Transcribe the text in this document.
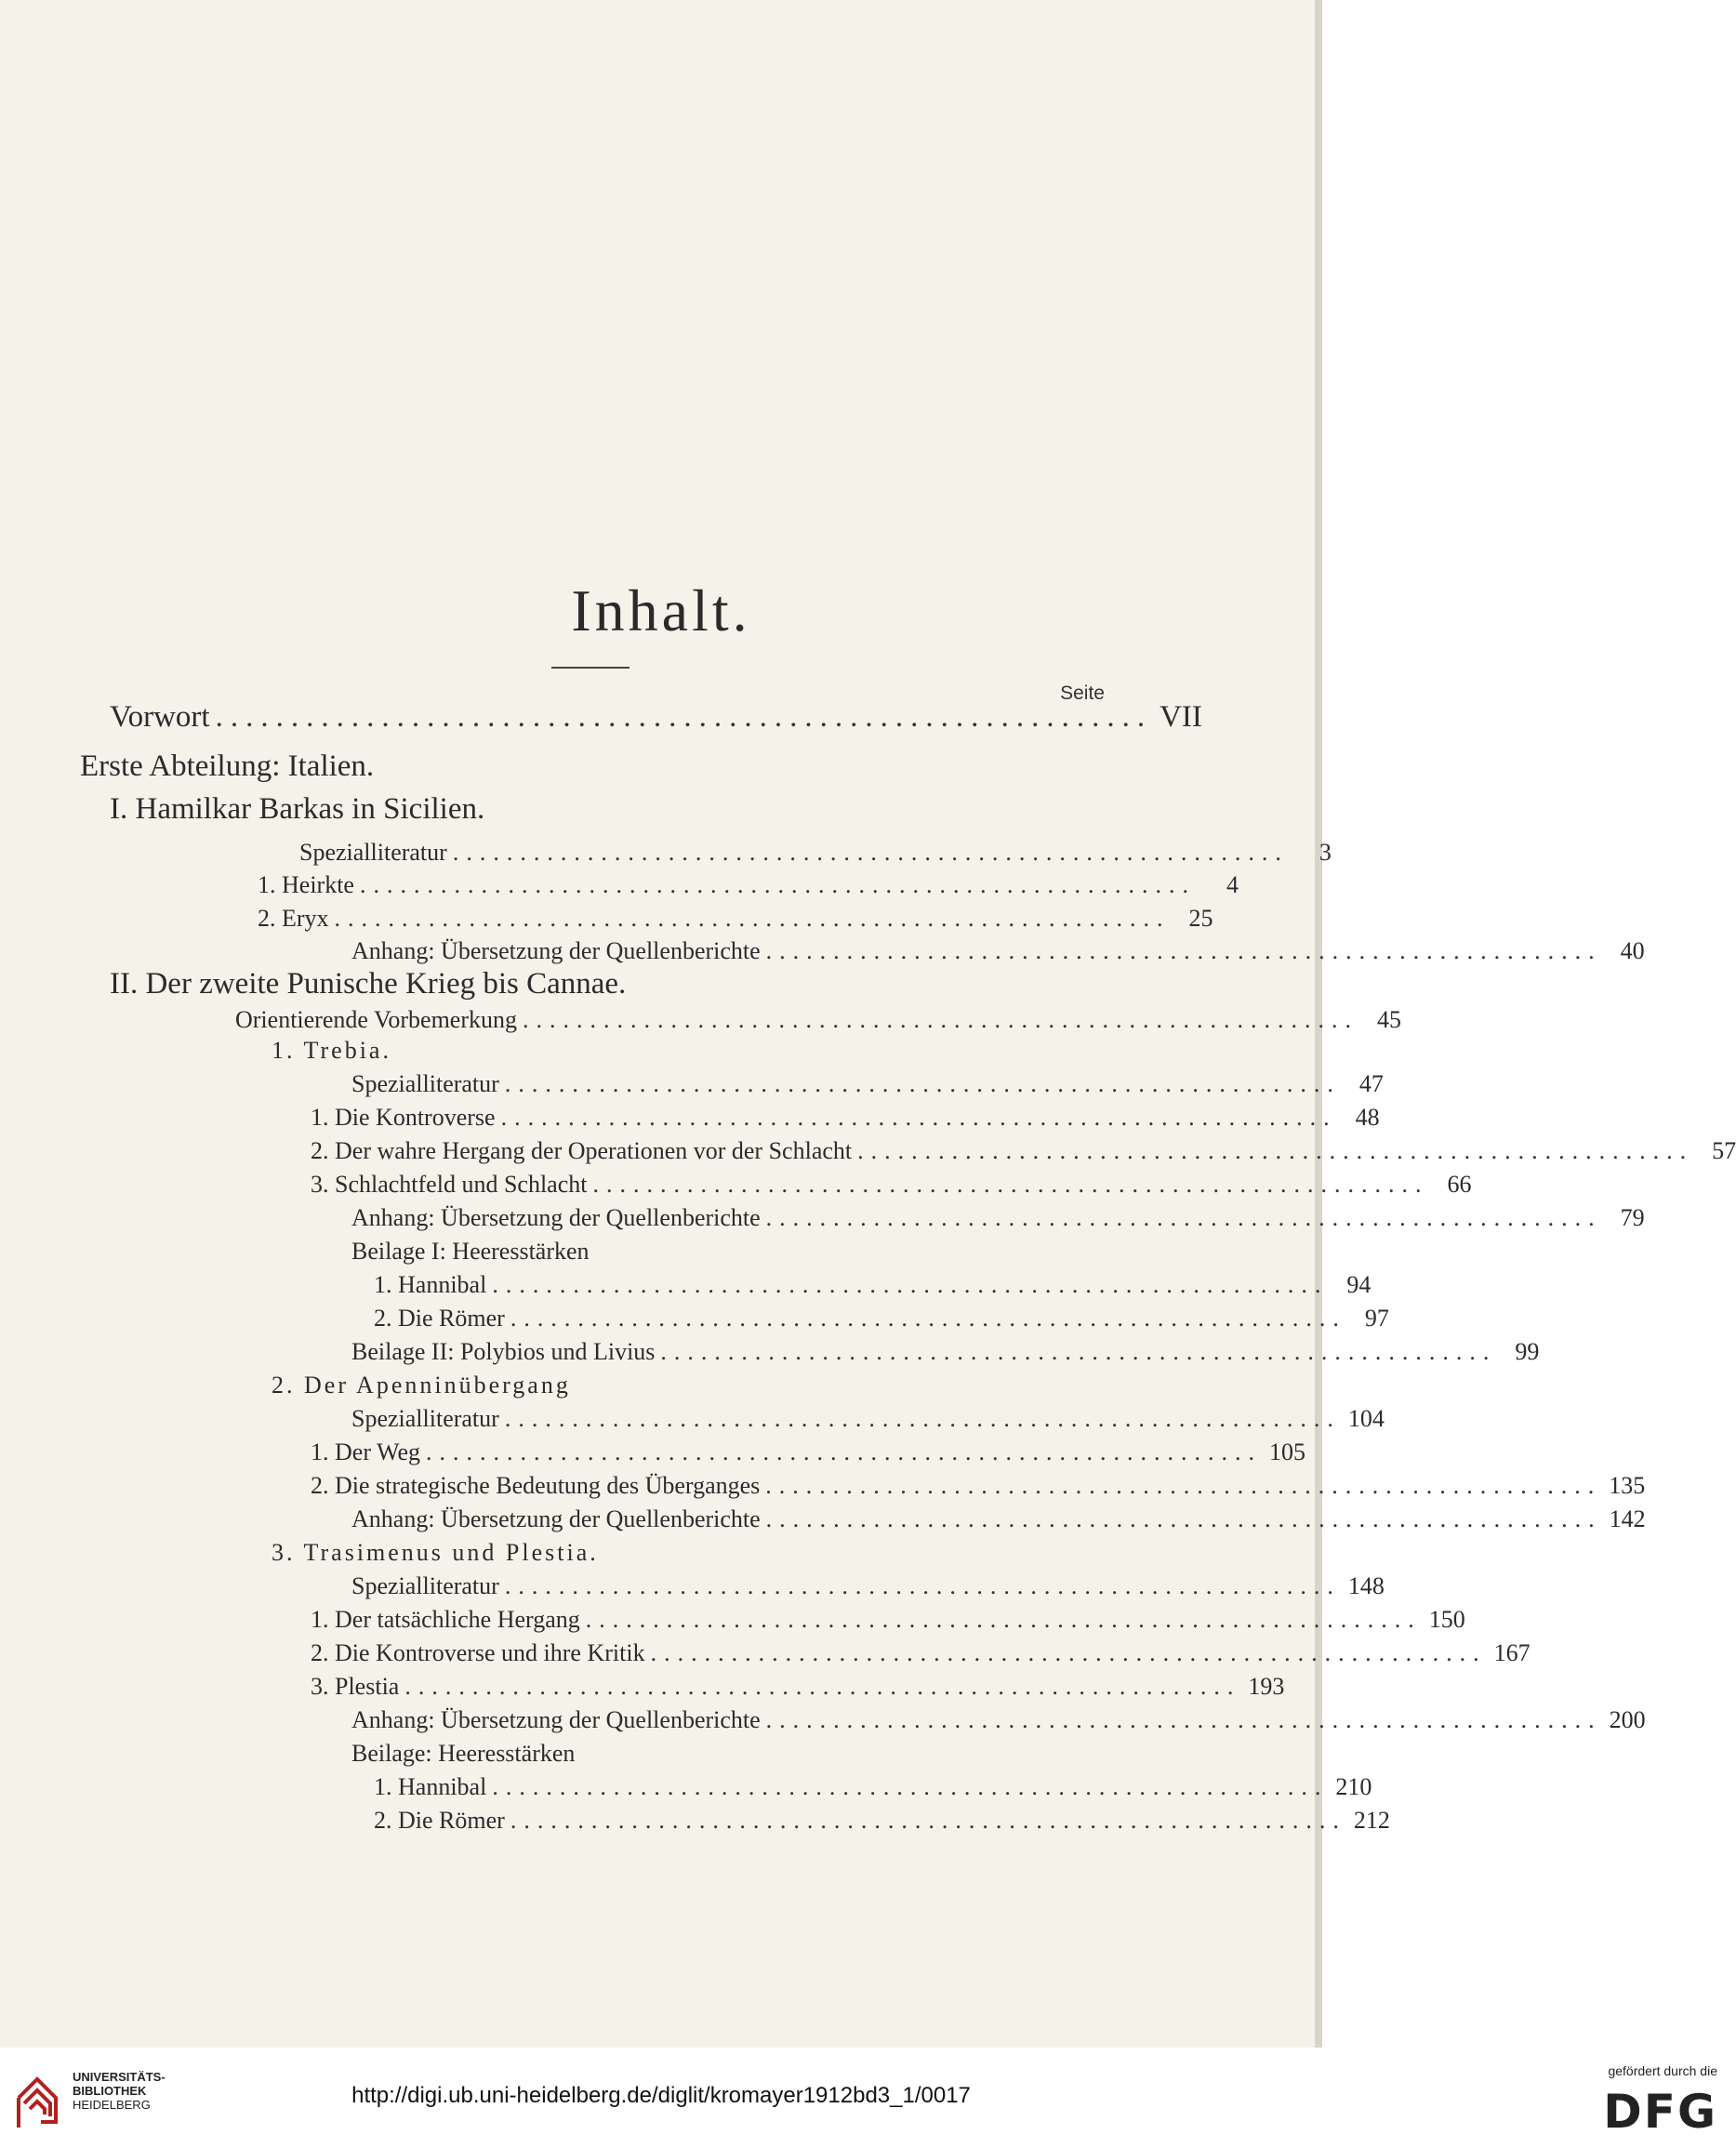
Inhalt.
Seite
Vorwort .............................................................. VII
Erste Abteilung: Italien.
I. Hamilkar Barkas in Sicilien.
Spezialliteratur ..............................................................	3
1. Heirkte ..............................................................	4
2. Eryx .............................................................. 25
Anhang: Übersetzung der Quellenberichte .............................................................. 40
II. Der zweite Punische Krieg bis Cannae.
Orientierende Vorbemerkung .............................................................. 45
1. Trebia.
Spezialliteratur .............................................................. 47
1. Die Kontroverse .............................................................. 48
2. Der wahre Hergang der Operationen vor der Schlacht .............................................................. 57
3. Schlachtfeld und Schlacht .............................................................. 66
Anhang: Übersetzung der Quellenberichte .............................................................. 79
Beilage I: Heeresstärken
1. Hannibal .............................................................. 94
2. Die Römer .............................................................. 97
Beilage II: Polybios und Livius .............................................................. 99
2. Der Apenninübergang
Spezialliteratur .............................................................. 104
1. Der Weg .............................................................. 105
2. Die strategische Bedeutung des Überganges .............................................................. 135
Anhang: Übersetzung der Quellenberichte .............................................................. 142
3. Trasimenus und Plestia.
Spezialliteratur .............................................................. 148
1. Der tatsächliche Hergang .............................................................. 150
2. Die Kontroverse und ihre Kritik .............................................................. 167
3. Plestia .............................................................. 193
Anhang: Übersetzung der Quellenberichte .............................................................. 200
Beilage: Heeresstärken
1. Hannibal .............................................................. 210
2. Die Römer .............................................................. 212
UNIVERSITÄTS-
BIBLIOTHEK
HEIDELBERG	http://digi.ub.uni-heidelberg.de/diglit/kromayer1912bd3_1/0017
gefördert durch die
DFG
